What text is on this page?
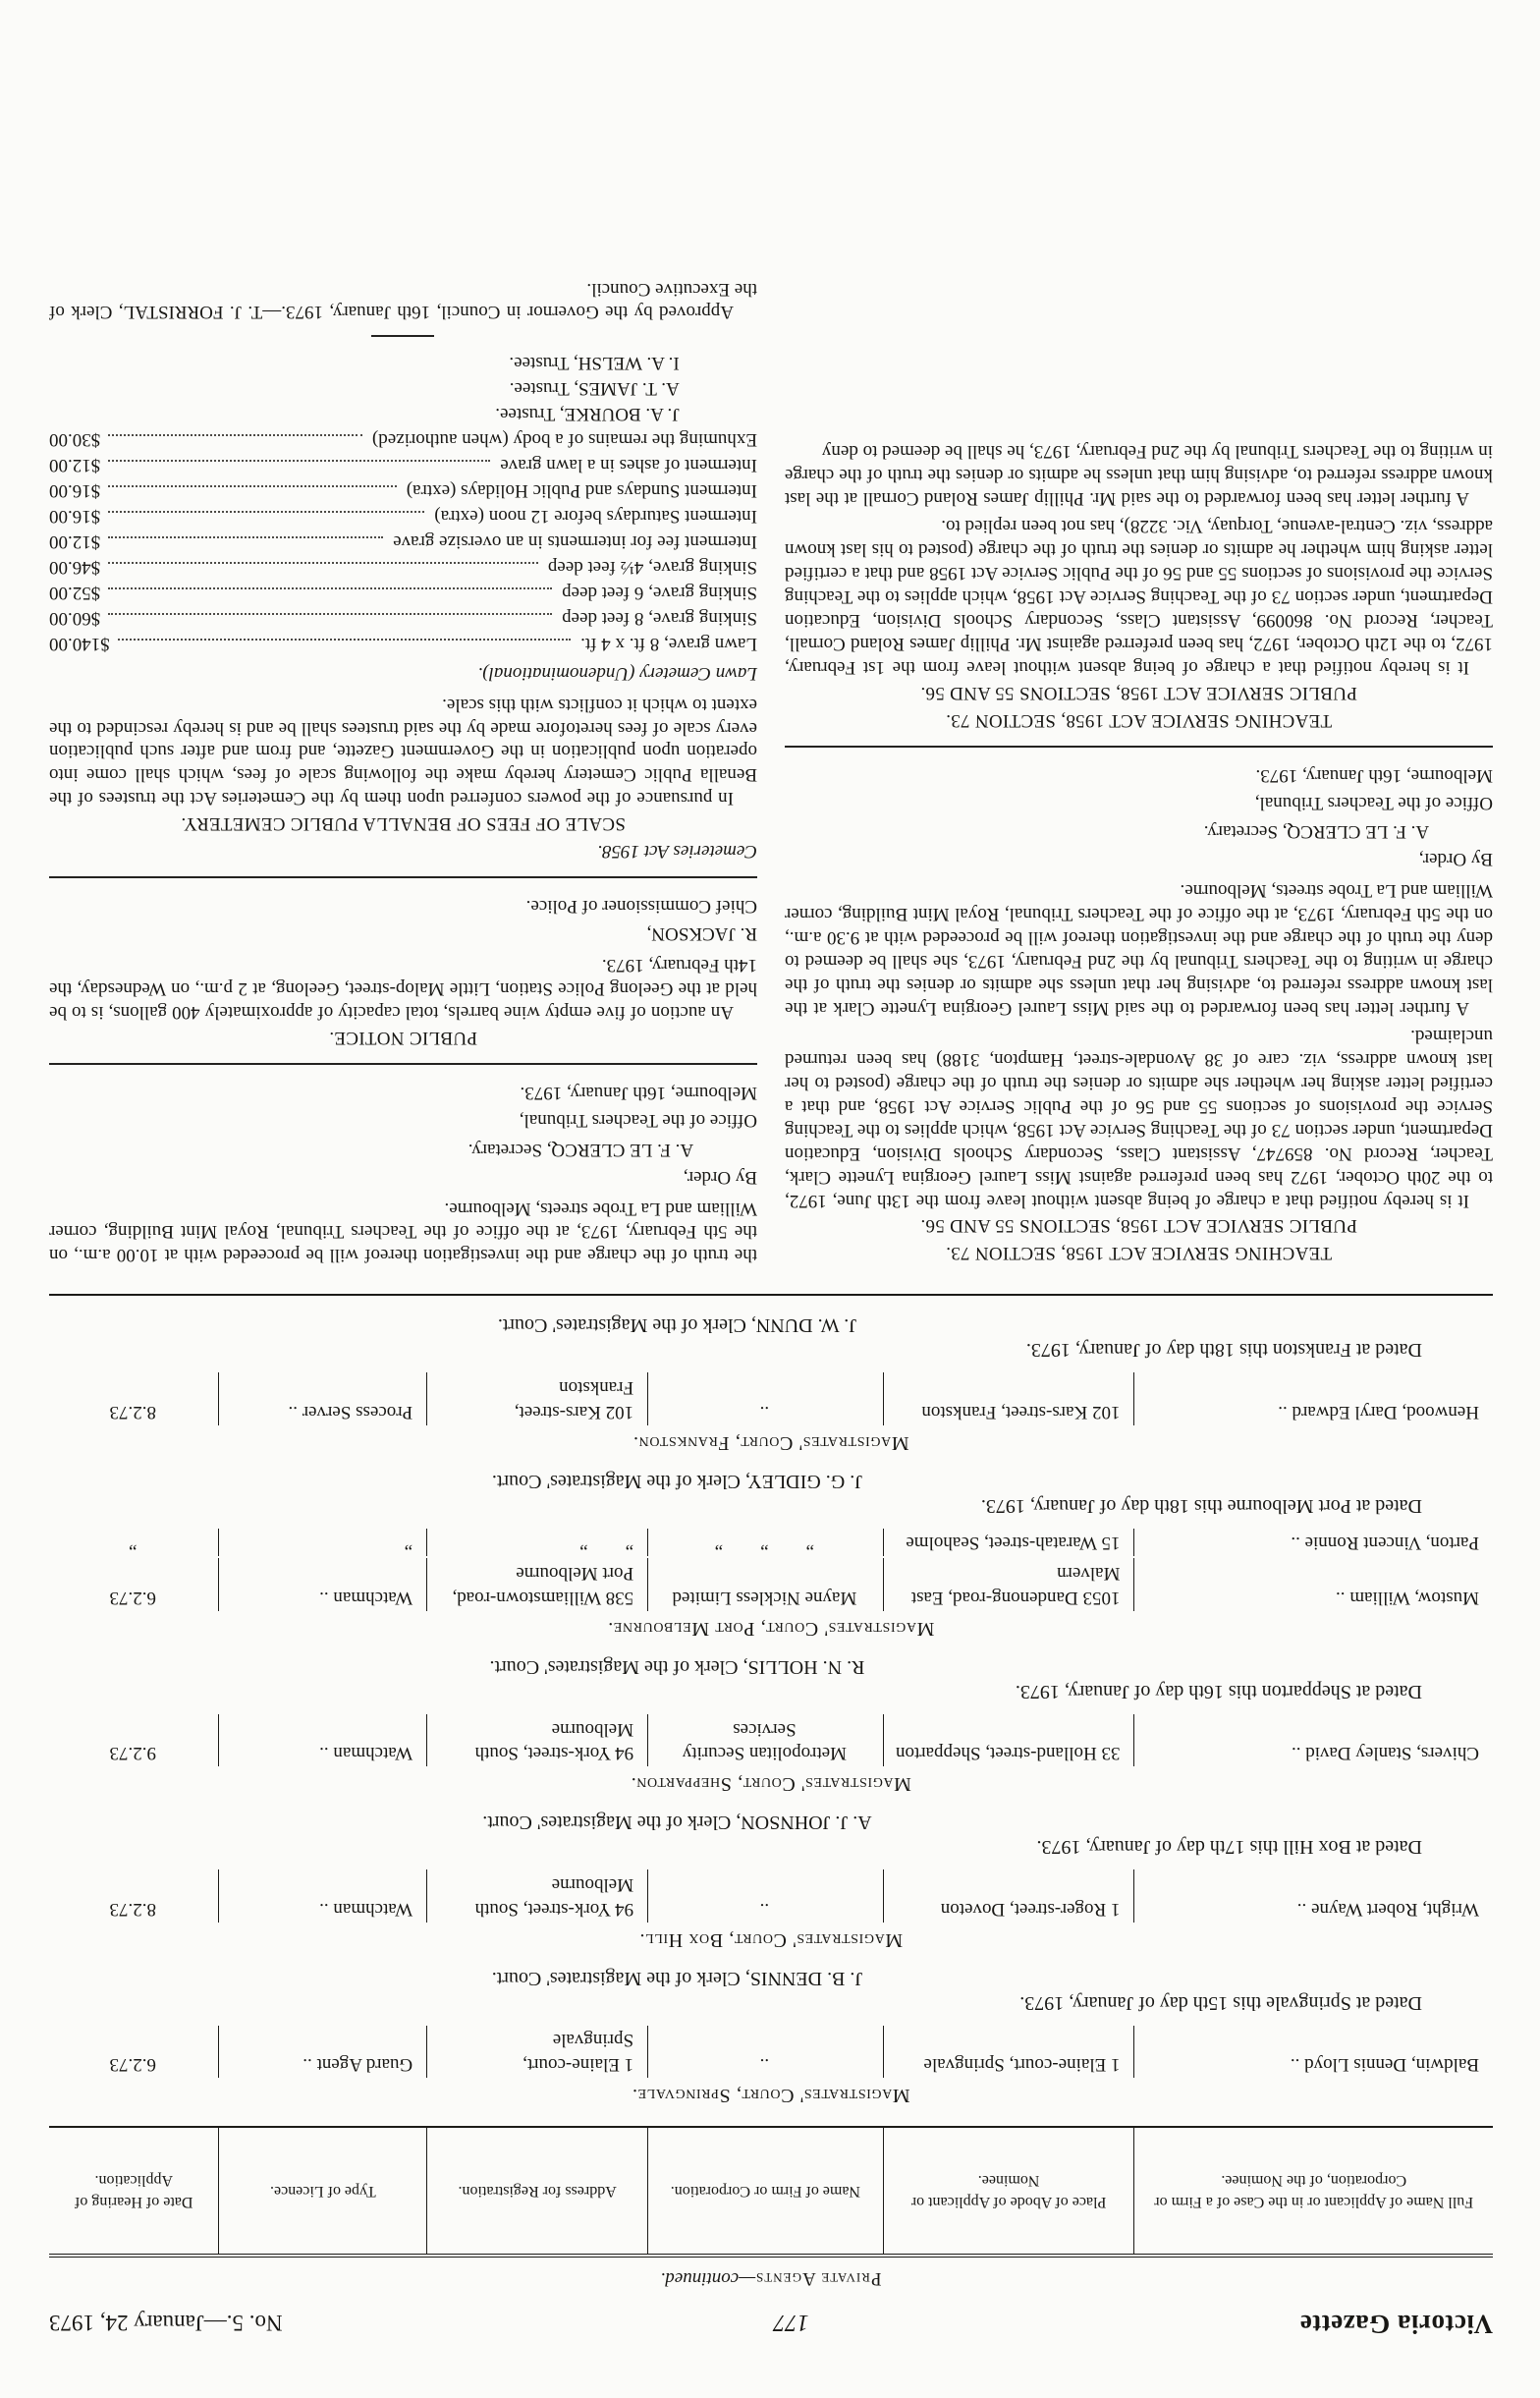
Victoria Gazette
177
No. 5.—January 24, 1973
Private Agents—continued.
Full Name of Applicant or in the Case of a Firm or Corporation, of the Nominee.
Place of Abode of Applicant or Nominee.
Name of Firm or Corporation.
Address for Registration.
Type of Licence.
Date of Hearing of Application.
Magistrates' Court, Springvale.
Baldwin, Dennis Lloyd ..
1 Elaine-court, Springvale
..
1 Elaine-court, Springvale
Guard Agent ..
6.2.73
Dated at Springvale this 15th day of January, 1973.
J. B. DENNIS, Clerk of the Magistrates' Court.
Magistrates' Court, Box Hill.
Wright, Robert Wayne ..
1 Roger-street, Doveton
..
94 York-street, South Melbourne
Watchman ..
8.2.73
Dated at Box Hill this 17th day of January, 1973.
A. J. JOHNSON, Clerk of the Magistrates' Court.
Magistrates' Court, Shepparton.
Chivers, Stanley David ..
33 Holland-street, Shepparton
Metropolitan Security Services
94 York-street, South Melbourne
Watchman ..
9.2.73
Dated at Shepparton this 16th day of January, 1973.
R. N. HOLLIS, Clerk of the Magistrates' Court.
Magistrates' Court, Port Melbourne.
Mustow, William ..
1053 Dandenong-road, East Malvern
Mayne Nickless Limited
538 Williamstown-road, Port Melbourne
Watchman ..
6.2.73
Parton, Vincent Ronnie ..
15 Waratah-street, Seaholme
”  ”  ”
”  ”
”
”
Dated at Port Melbourne this 18th day of January, 1973.
J. G. GIDLEY, Clerk of the Magistrates' Court.
Magistrates' Court, Frankston.
Henwood, Daryl Edward ..
102 Kars-street, Frankston
..
102 Kars-street, Frankston
Process Server ..
8.2.73
Dated at Frankston this 18th day of January, 1973.
J. W. DUNN, Clerk of the Magistrates' Court.
TEACHING SERVICE ACT 1958, SECTION 73.
PUBLIC SERVICE ACT 1958, SECTIONS 55 AND 56.

It is hereby notified that a charge of being absent without leave from the 13th June, 1972, to the 20th October, 1972 has been preferred against Miss Laurel Georgina Lynette Clark, Teacher, Record No. 859747, Assistant Class, Secondary Schools Division, Education Department, under section 73 of the Teaching Service Act 1958, which applies to the Teaching Service the provisions of sections 55 and 56 of the Public Service Act 1958, and that a certified letter asking her whether she admits or denies the truth of the charge (posted to her last known address, viz. care of 38 Avondale-street, Hampton, 3188) has been returned unclaimed.

A further letter has been forwarded to the said Miss Laurel Georgina Lynette Clark at the last known address referred to, advising her that unless she admits or denies the truth of the charge in writing to the Teachers Tribunal by the 2nd February, 1973, she shall be deemed to deny the truth of the charge and the investigation thereof will be proceeded with at 9.30 a.m., on the 5th February, 1973, at the office of the Teachers Tribunal, Royal Mint Building, corner William and La Trobe streets, Melbourne.

By Order,

A. F. LE CLERCQ, Secretary.

Office of the Teachers Tribunal,

Melbourne, 16th January, 1973.

TEACHING SERVICE ACT 1958, SECTION 73.
PUBLIC SERVICE ACT 1958, SECTIONS 55 AND 56.

It is hereby notified that a charge of being absent without leave from the 1st February, 1972, to the 12th October, 1972, has been preferred against Mr. Phillip James Roland Cornall, Teacher, Record No. 860099, Assistant Class, Secondary Schools Division, Education Department, under section 73 of the Teaching Service Act 1958, which applies to the Teaching Service the provisions of sections 55 and 56 of the Public Service Act 1958 and that a certified letter asking him whether he admits or denies the truth of the charge (posted to his last known address, viz. Central-avenue, Torquay, Vic. 3228), has not been replied to.

A further letter has been forwarded to the said Mr. Phillip James Roland Cornall at the last known address referred to, advising him that unless he admits or denies the truth of the charge in writing to the Teachers Tribunal by the 2nd February, 1973, he shall be deemed to deny

the truth of the charge and the investigation thereof will be proceeded with at 10.00 a.m., on the 5th February, 1973, at the office of the Teachers Tribunal, Royal Mint Building, corner William and La Trobe streets, Melbourne.

By Order,

A. F. LE CLERCQ, Secretary.

Office of the Teachers Tribunal,

Melbourne, 16th January, 1973.

PUBLIC NOTICE.

An auction of five empty wine barrels, total capacity of approximately 400 gallons, is to be held at the Geelong Police Station, Little Malop-street, Geelong, at 2 p.m., on Wednesday, the 14th February, 1973.

R. JACKSON,

Chief Commissioner of Police.

Cemeteries Act 1958.

SCALE OF FEES OF BENALLA PUBLIC CEMETERY.

In pursuance of the powers conferred upon them by the Cemeteries Act the trustees of the Benalla Public Cemetery hereby make the following scale of fees, which shall come into operation upon publication in the Government Gazette, and from and after such publication every scale of fees heretofore made by the said trustees shall be and is hereby rescinded to the extent to which it conflicts with this scale.

Lawn Cemetery (Undenominational).

Lawn grave, 8 ft. x 4 ft.
$140.00
Sinking grave, 8 feet deep
$60.00
Sinking grave, 6 feet deep
$52.00
Sinking grave, 4½ feet deep
$46.00
Interment fee for interments in an oversize grave
$12.00
Interment Saturdays before 12 noon (extra)
$16.00
Interment Sundays and Public Holidays (extra)
$16.00
Interment of ashes in a lawn grave
$12.00
Exhuming the remains of a body (when authorized)
$30.00

J. A. BOURKE, Trustee.

A. T. JAMES, Trustee.

I. A. WELSH, Trustee.

Approved by the Governor in Council, 16th January, 1973.—T. J. FORRISTAL, Clerk of the Executive Council.
